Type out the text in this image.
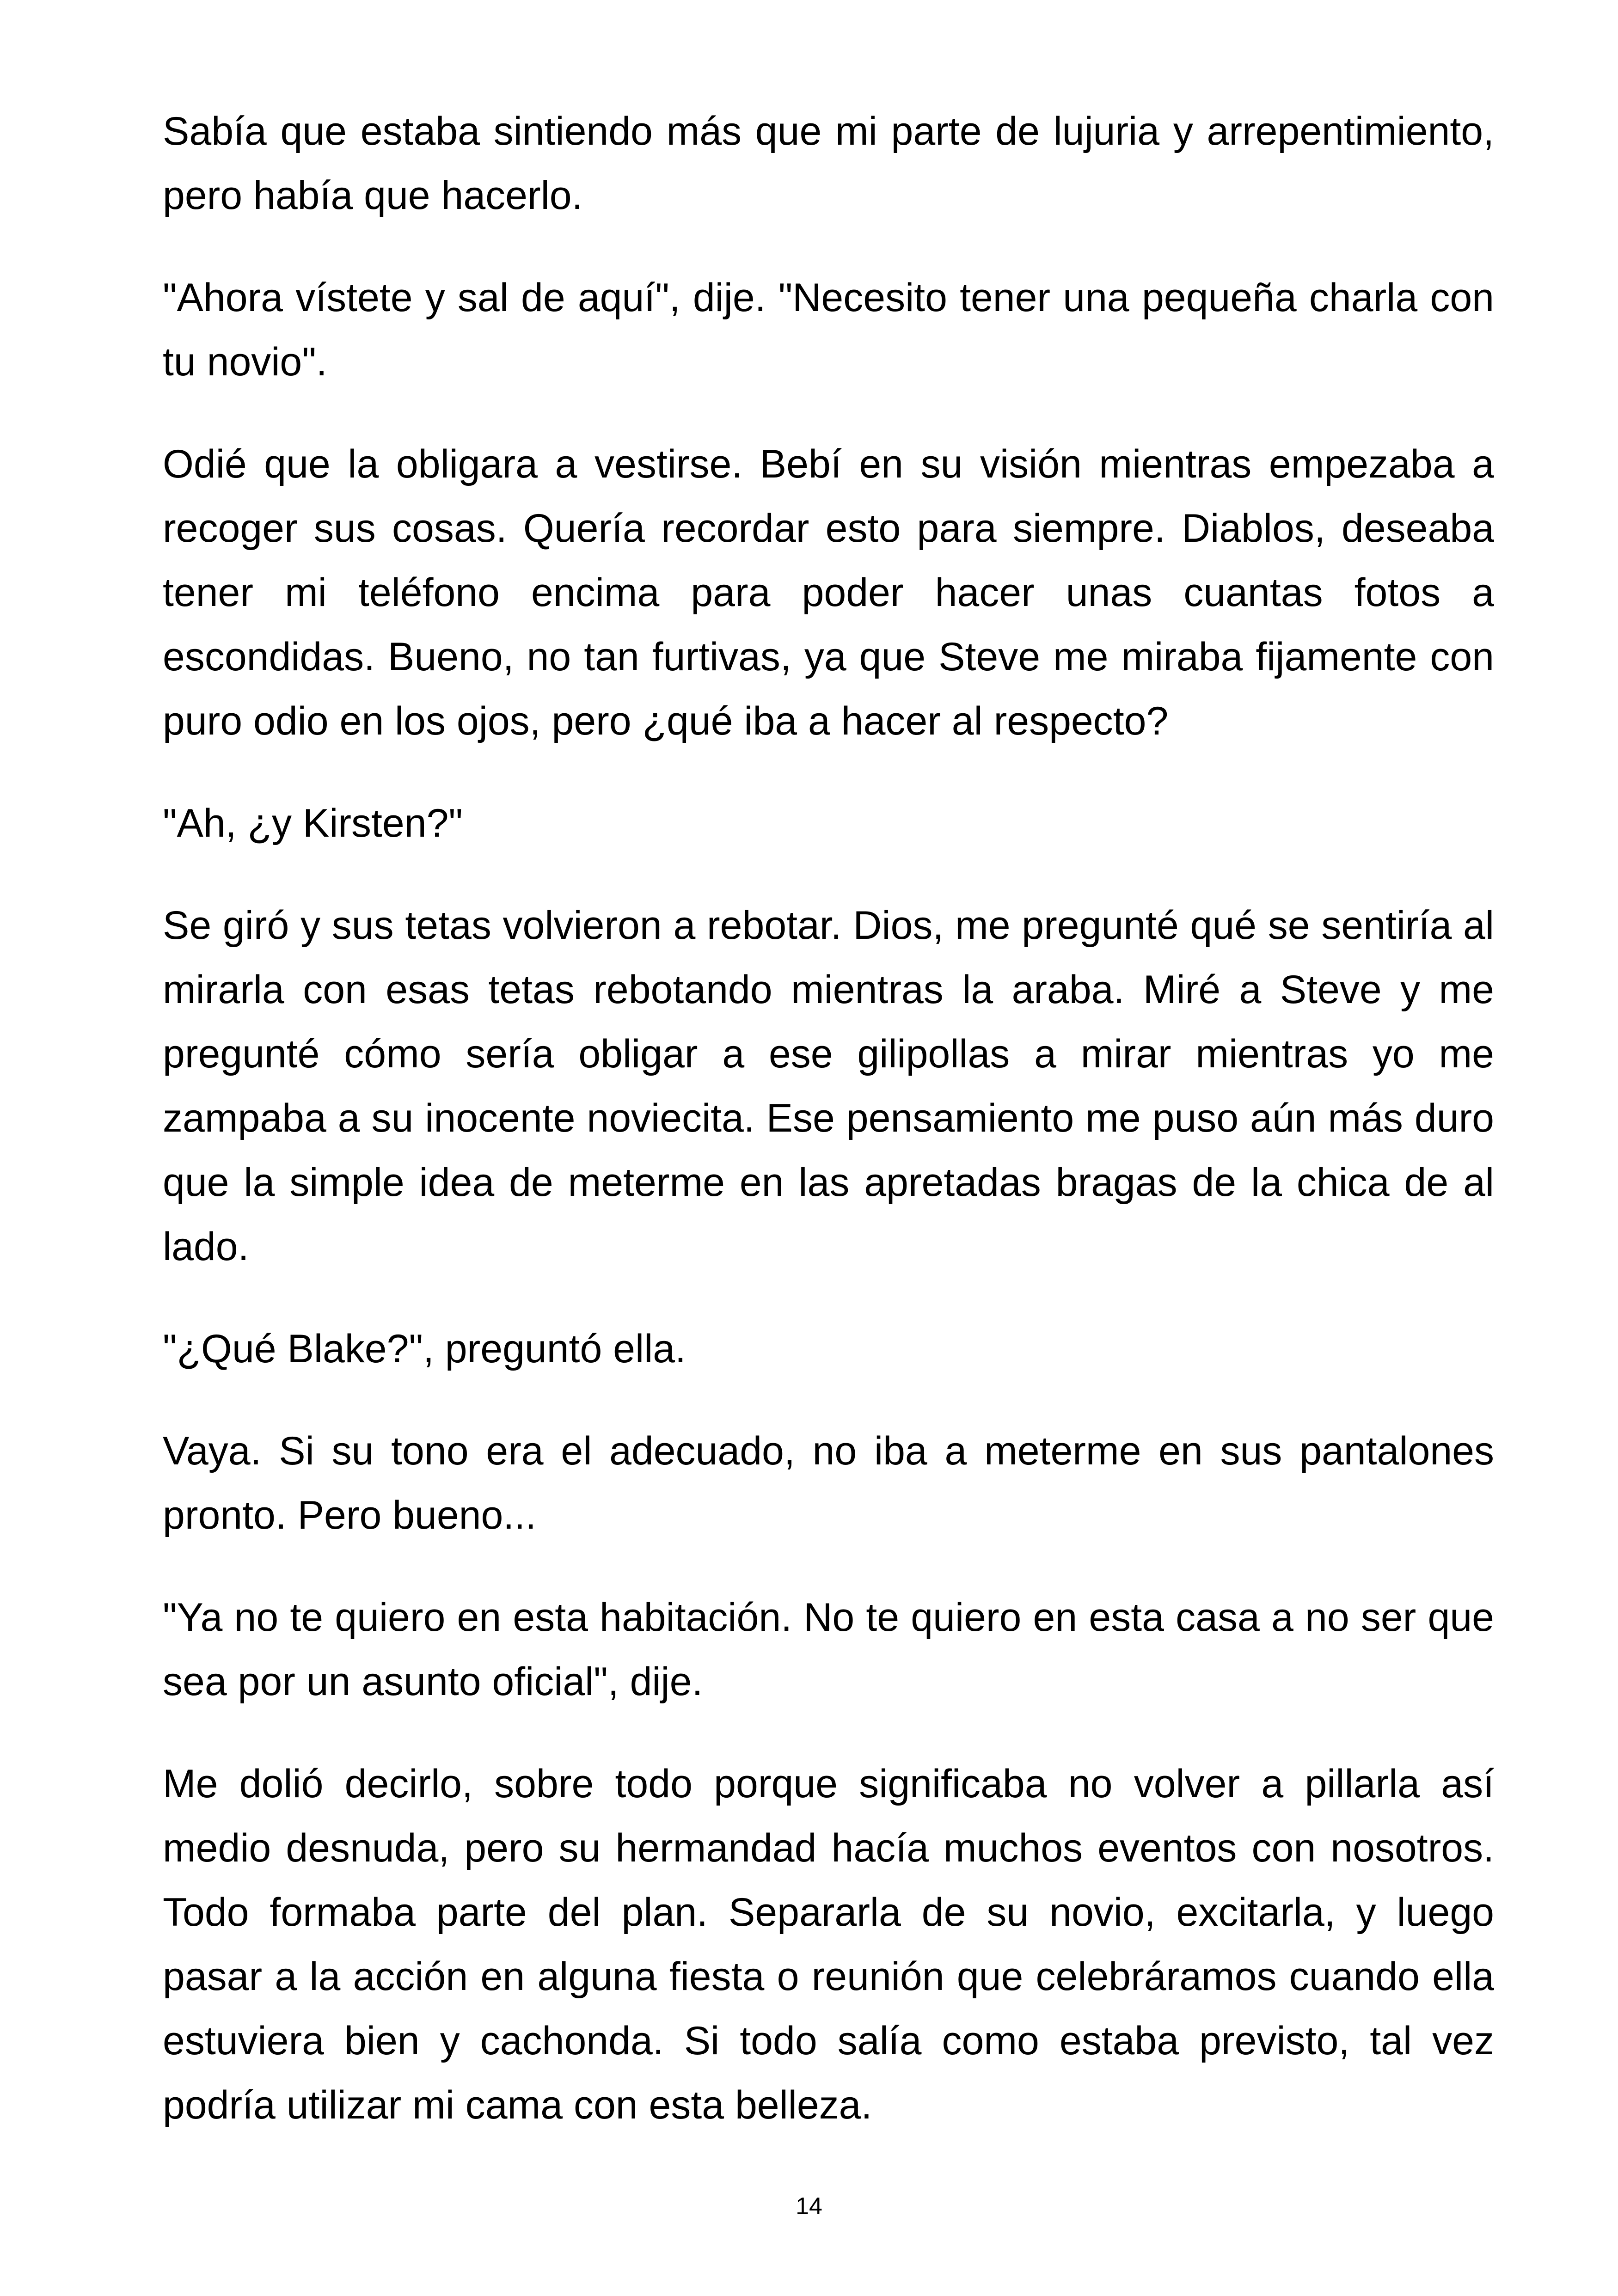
Sabía que estaba sintiendo más que mi parte de lujuria y arrepentimiento, pero había que hacerlo.

"Ahora vístete y sal de aquí", dije. "Necesito tener una pequeña charla con tu novio".

Odié que la obligara a vestirse. Bebí en su visión mientras empezaba a recoger sus cosas. Quería recordar esto para siempre. Diablos, deseaba tener mi teléfono encima para poder hacer unas cuantas fotos a escondidas. Bueno, no tan furtivas, ya que Steve me miraba fijamente con puro odio en los ojos, pero ¿qué iba a hacer al respecto?

"Ah, ¿y Kirsten?"

Se giró y sus tetas volvieron a rebotar. Dios, me pregunté qué se sentiría al mirarla con esas tetas rebotando mientras la araba. Miré a Steve y me pregunté cómo sería obligar a ese gilipollas a mirar mientras yo me zampaba a su inocente noviecita. Ese pensamiento me puso aún más duro que la simple idea de meterme en las apretadas bragas de la chica de al lado.

"¿Qué Blake?", preguntó ella.

Vaya. Si su tono era el adecuado, no iba a meterme en sus pantalones pronto. Pero bueno...

"Ya no te quiero en esta habitación. No te quiero en esta casa a no ser que sea por un asunto oficial", dije.

Me dolió decirlo, sobre todo porque significaba no volver a pillarla así medio desnuda, pero su hermandad hacía muchos eventos con nosotros. Todo formaba parte del plan. Separarla de su novio, excitarla, y luego pasar a la acción en alguna fiesta o reunión que celebráramos cuando ella estuviera bien y cachonda. Si todo salía como estaba previsto, tal vez podría utilizar mi cama con esta belleza.

14
